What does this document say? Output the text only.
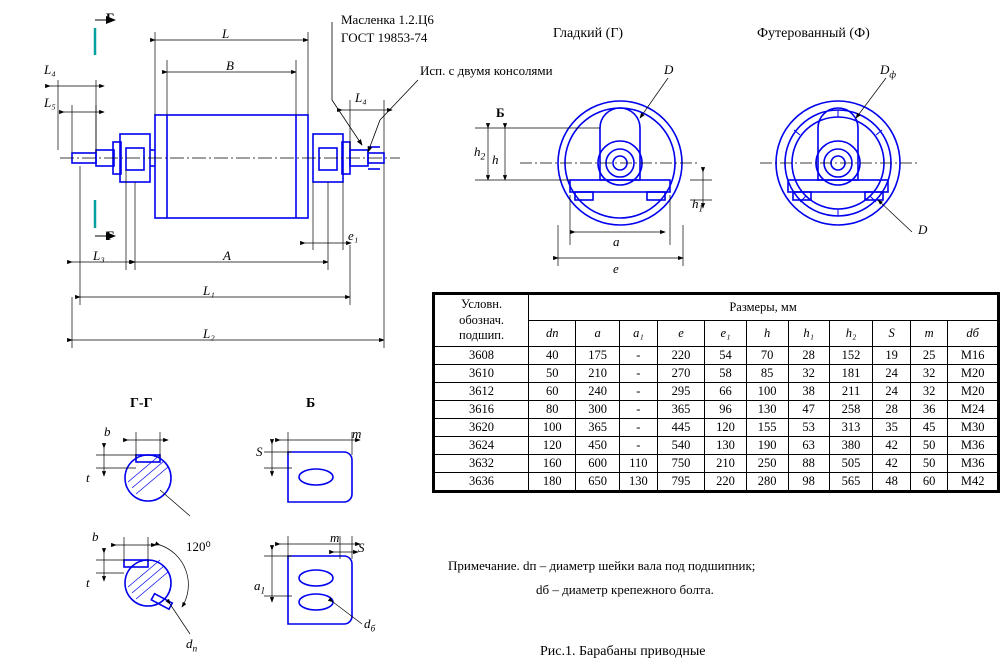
Г
Г
L
B
L₄
L₅	L₄
e₁
L₃	A
L₁
L₂
Масленка 1.2.Ц6
ГОСТ 19853-74
Исп. с двумя консолями
Гладкий (Г)	Футерованный (Ф)
Б
D	$D_ф$
D
$h_2$ h
$h_1$
a
e
Г-Г	Б
b
t
b
t
120⁰
$d_п$
S
m
m
S
$a_1$
$d_б$
Условн.
обознач.
подшип.	Размеры, мм										
	dп	a	a₁	e	e₁	h	h₁	h₂	S	m	dб
3608	40	175	-	220	54	70	28	152	19	25	М16
3610	50	210	-	270	58	85	32	181	24	32	М20
3612	60	240	-	295	66	100	38	211	24	32	М20
3616	80	300	-	365	96	130	47	258	28	36	М24
3620	100	365	-	445	120	155	53	313	35	45	М30
3624	120	450	-	540	130	190	63	380	42	50	М36
3632	160	600	110	750	210	250	88	505	42	50	М36
3636	180	650	130	795	220	280	98	565	48	60	М42
Примечание. dп – диаметр шейки вала под подшипник;
dб – диаметр крепежного болта.
Рис.1. Барабаны приводные
